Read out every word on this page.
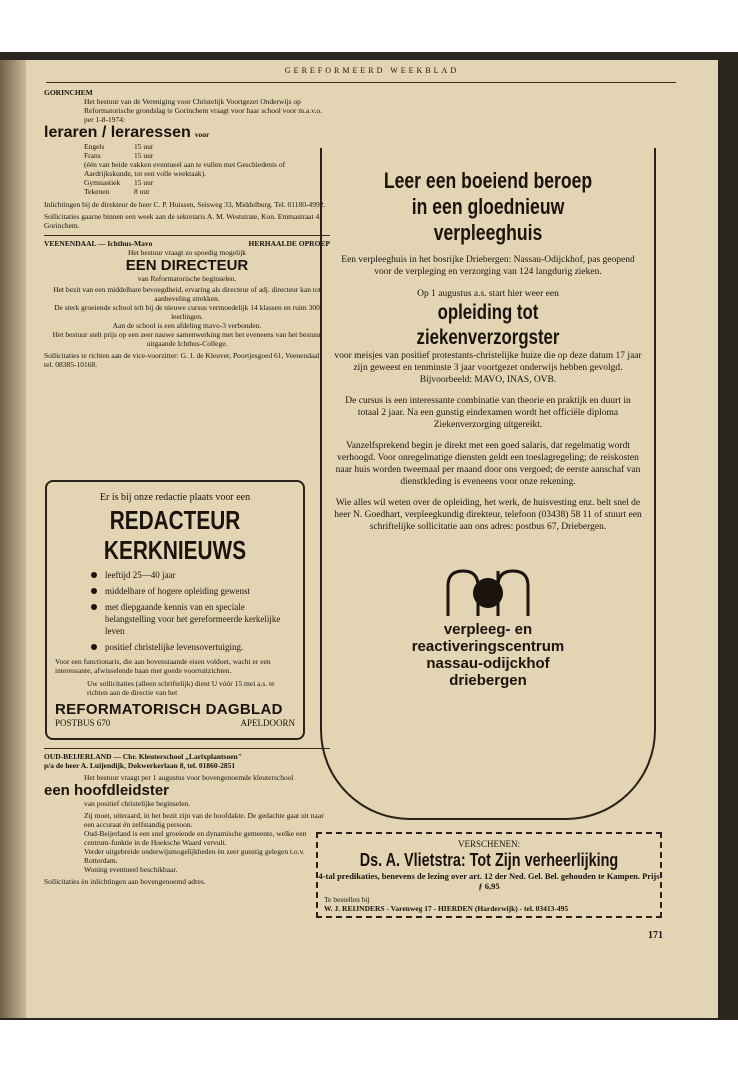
GEREFORMEERD WEEKBLAD
GORINCHEM
Het bestuur van de Vereniging voor Christelijk Voortgezet Onderwijs op Reformatorische grondslag te Gorinchem vraagt voor haar school voor m.a.v.o. per 1-8-1974:
leraren / leraressen voor
Engels	15 uur
Frans	15 uur
(één van beide vakken eventueel aan te vullen met Geschiedenis of Aardrijkskunde, tot een volle weektaak).
Gymnastiek 15 uur
Tekenen	8 uur
Inlichtingen bij de direkteur de heer C. P. Huissen, Seisweg 33, Middelburg. Tel. 01180-4992.
Sollicitaties gaarne binnen een week aan de sekretaris A. M. Weststrate, Kon. Emmastraat 4, Gorinchem.
VEENENDAAL — Ichthus-Mavo	HERHAALDE OPROEP
Het bestuur vraagt zo spoedig mogelijk
EEN DIRECTEUR
van Reformatorische beginselen.
Het bezit van een middelbare bevoegdheid, ervaring als directeur of adj. directeur kan tot aanbeveling strekken.
De sterk groeiende school telt bij de nieuwe cursus vermoedelijk 14 klassen en ruim 300 leerlingen.
Aan de school is een afdeling mavo-3 verbonden.
Het bestuur stelt prijs op een zeer nauwe samenwerking met het eveneens van het bestuur uitgaande Ichthus-College.
Sollicitaties te richten aan de vice-voorzitter: G. J. de Kleuver, Poortjesgoed 61, Veenendaal, tel. 08385-10168.
Er is bij onze redactie plaats voor een
REDACTEUR KERKNIEUWS
leeftijd 25—40 jaar
middelbare of hogere opleiding gewenst
met diepgaande kennis van en speciale belangstelling voor het gereformeerde kerkelijke leven
positief christelijke levensovertuiging.
Voor een functionaris, die aan bovenstaande eisen voldoet, wacht er een interessante, afwisselende baan met goede voorruitzichten.
Uw sollicitaties (alleen schriftelijk) dient U vóór 15 mei a.s. te richten aan de directie van het
REFORMATORISCH DAGBLAD
POSTBUS 670	APELDOORN
OUD-BEIJERLAND — Chr. Kleuterschool „Larixplantsoen"
p/a de heer A. Luijendijk, Dokwerkerlaan 8, tel. 01860-2851
Het bestuur vraagt per 1 augustus voor bovengenoemde kleuterschool
een hoofdleidster
van positief christelijke beginselen.
Zij moet, uiteraard, in het bezit zijn van de hoofdakte. De gedachte gaat uit naar een accuraat én zelfstandig persoon.
Oud-Beijerland is een snel groeiende en dynamische gemeente, welke een centrum-funktie in de Hoeksche Waard vervult.
Verder uitgebreide onderwijsmogelijkheden èn zeer gunstig gelegen t.o.v. Rotterdam.
Woning eventueel beschikbaar.
Sollicitaties èn inlichtingen aan bovengenoemd adres.
Leer een boeiend beroep
in een gloednieuw verpleeghuis
Een verpleeghuis in het bosrijke Driebergen: Nassau-Odijckhof, pas geopend voor de verpleging en verzorging van 124 langdurig zieken.
Op 1 augustus a.s. start hier weer een
opleiding tot ziekenverzorgster
voor meisjes van positief protestants-christelijke huize die op deze datum 17 jaar zijn geweest en tenminste 3 jaar voortgezet onderwijs hebben gevolgd.
Bijvoorbeeld: MAVO, INAS, OVB.
De cursus is een interessante combinatie van theorie en praktijk en duurt in totaal 2 jaar. Na een gunstig eindexamen wordt het officiële diploma Ziekenverzorging uitgereikt.
Vanzelfsprekend begin je direkt met een goed salaris, dat regelmatig wordt verhoogd. Voor onregelmatige diensten geldt een toeslagregeling; de reiskosten naar huis worden tweemaal per maand door ons vergoed; de eerste aanschaf van dienstkleding is eveneens voor onze rekening.
Wie alles wil weten over de opleiding, het werk, de huisvesting enz. belt snel de heer N. Goedhart, verpleegkundig direkteur, telefoon (03438) 58 11 of stuurt een schriftelijke sollicitatie aan ons adres: postbus 67, Driebergen.
verpleeg- en
reactiveringscentrum
nassau-odijckhof
driebergen
VERSCHENEN:
Ds. A. Vlietstra: Tot Zijn verheerlijking
4-tal predikaties, benevens de lezing over art. 12 der Ned. Gel. Bel. gehouden te Kampen. Prijs ƒ 6,95
Te bestellen bij
W. J. REIJNDERS - Varenweg 17 - HIERDEN (Harderwijk) - tel. 03413-495
171
